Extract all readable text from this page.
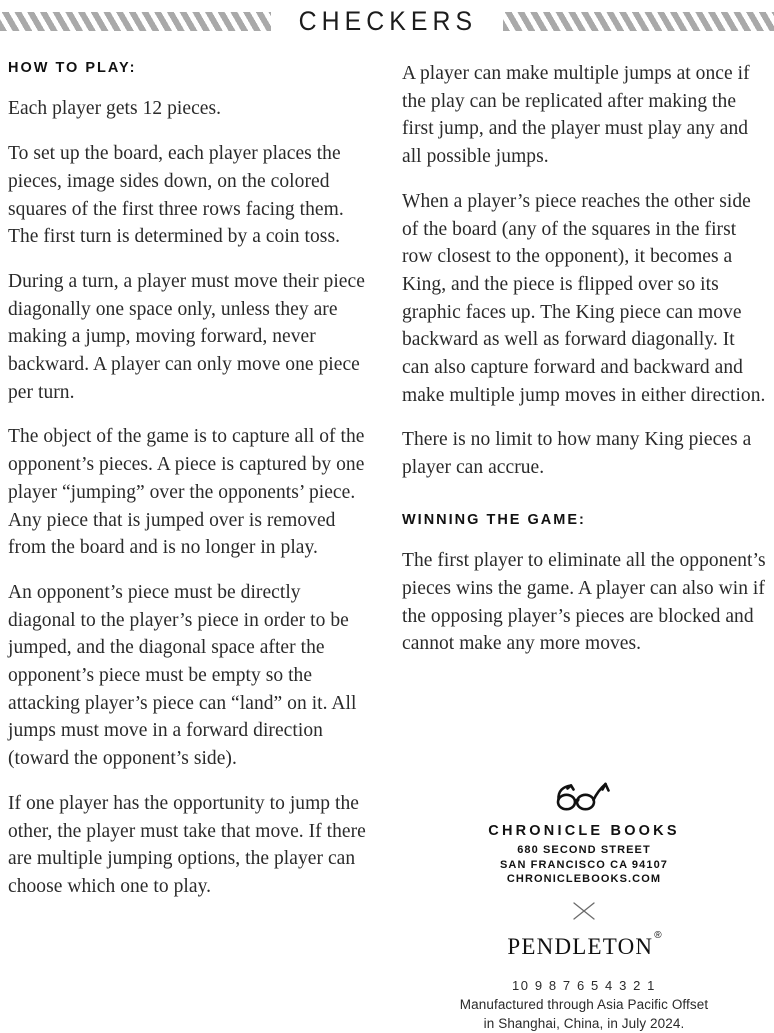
CHECKERS
HOW TO PLAY:

Each player gets 12 pieces.

To set up the board, each player places the pieces, image sides down, on the colored squares of the first three rows facing them. The first turn is determined by a coin toss.

During a turn, a player must move their piece diagonally one space only, unless they are making a jump, moving forward, never backward. A player can only move one piece per turn.

The object of the game is to capture all of the opponent’s pieces. A piece is captured by one player “jumping” over the opponents’ piece. Any piece that is jumped over is removed from the board and is no longer in play.

An opponent’s piece must be directly diagonal to the player’s piece in order to be jumped, and the diagonal space after the opponent’s piece must be empty so the attacking player’s piece can “land” on it. All jumps must move in a forward direction (toward the opponent’s side).

If one player has the opportunity to jump the other, the player must take that move. If there are multiple jumping options, the player can choose which one to play.

A player can make multiple jumps at once if the play can be replicated after making the first jump, and the player must play any and all possible jumps.

When a player’s piece reaches the other side of the board (any of the squares in the first row closest to the opponent), it becomes a King, and the piece is flipped over so its graphic faces up. The King piece can move backward as well as forward diagonally. It can also capture forward and backward and make multiple jump moves in either direction.

There is no limit to how many King pieces a player can accrue.

WINNING THE GAME:

The first player to eliminate all the opponent’s pieces wins the game. A player can also win if the opposing player’s pieces are blocked and cannot make any more moves.

CHRONICLE BOOKS
680 SECOND STREET
SAN FRANCISCO CA 94107
CHRONICLEBOOKS.COM
pendleton®
10 9 8 7 6 5 4 3 2 1
Manufactured through Asia Pacific Offset
in Shanghai, China, in July 2024.
